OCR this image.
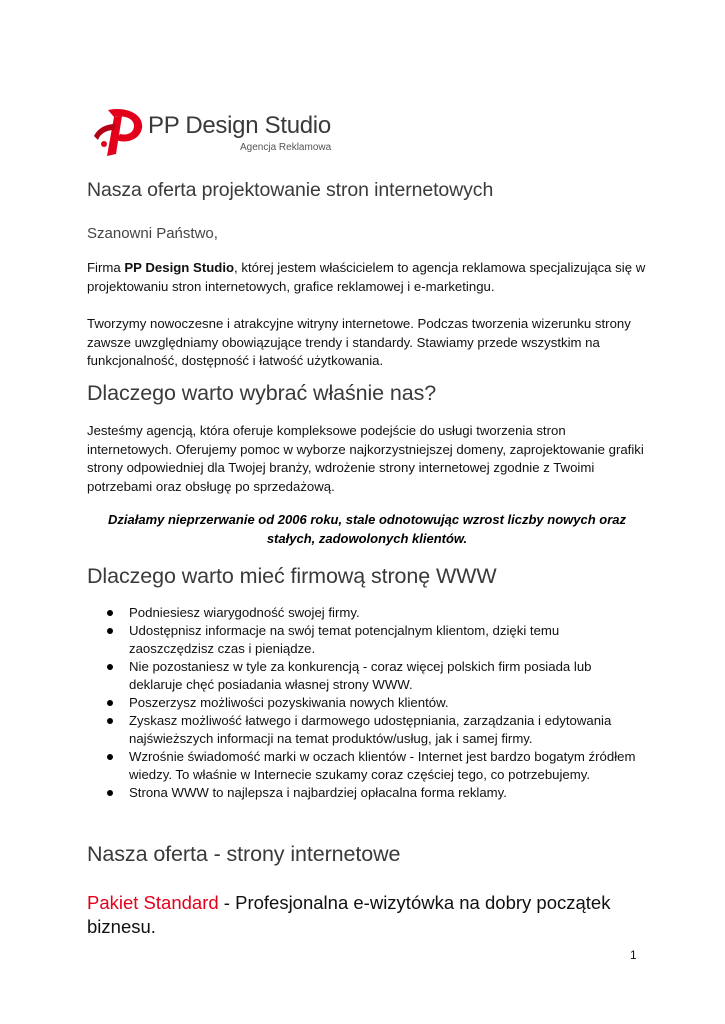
PP Design Studio
Agencja Reklamowa
Nasza oferta projektowanie stron internetowych

Szanowni Państwo,

Firma PP Design Studio, której jestem właścicielem to agencja reklamowa specjalizująca się w projektowaniu stron internetowych, grafice reklamowej i e-marketingu.

Tworzymy nowoczesne i atrakcyjne witryny internetowe. Podczas tworzenia wizerunku strony zawsze uwzględniamy obowiązujące trendy i standardy. Stawiamy przede wszystkim na funkcjonalność, dostępność i łatwość użytkowania.

Dlaczego warto wybrać właśnie nas?

Jesteśmy agencją, która oferuje kompleksowe podejście do usługi tworzenia stron internetowych. Oferujemy pomoc w wyborze najkorzystniejszej domeny, zaprojektowanie grafiki strony odpowiedniej dla Twojej branży, wdrożenie strony internetowej zgodnie z Twoimi potrzebami oraz obsługę po sprzedażową.

Działamy nieprzerwanie od 2006 roku, stale odnotowując wzrost liczby nowych oraz stałych, zadowolonych klientów.

Dlaczego warto mieć firmową stronę WWW
Podniesiesz wiarygodność swojej firmy.
Udostępnisz informacje na swój temat potencjalnym klientom, dzięki temu zaoszczędzisz czas i pieniądze.
Nie pozostaniesz w tyle za konkurencją - coraz więcej polskich firm posiada lub deklaruje chęć posiadania własnej strony WWW.
Poszerzysz możliwości pozyskiwania nowych klientów.
Zyskasz możliwość łatwego i darmowego udostępniania, zarządzania i edytowania najświeższych informacji na temat produktów/usług, jak i samej firmy.
Wzrośnie świadomość marki w oczach klientów - Internet jest bardzo bogatym źródłem wiedzy. To właśnie w Internecie szukamy coraz częściej tego, co potrzebujemy.
Strona WWW to najlepsza i najbardziej opłacalna forma reklamy.
Nasza oferta - strony internetowe
Pakiet Standard - Profesjonalna e-wizytówka na dobry początek biznesu.
1
